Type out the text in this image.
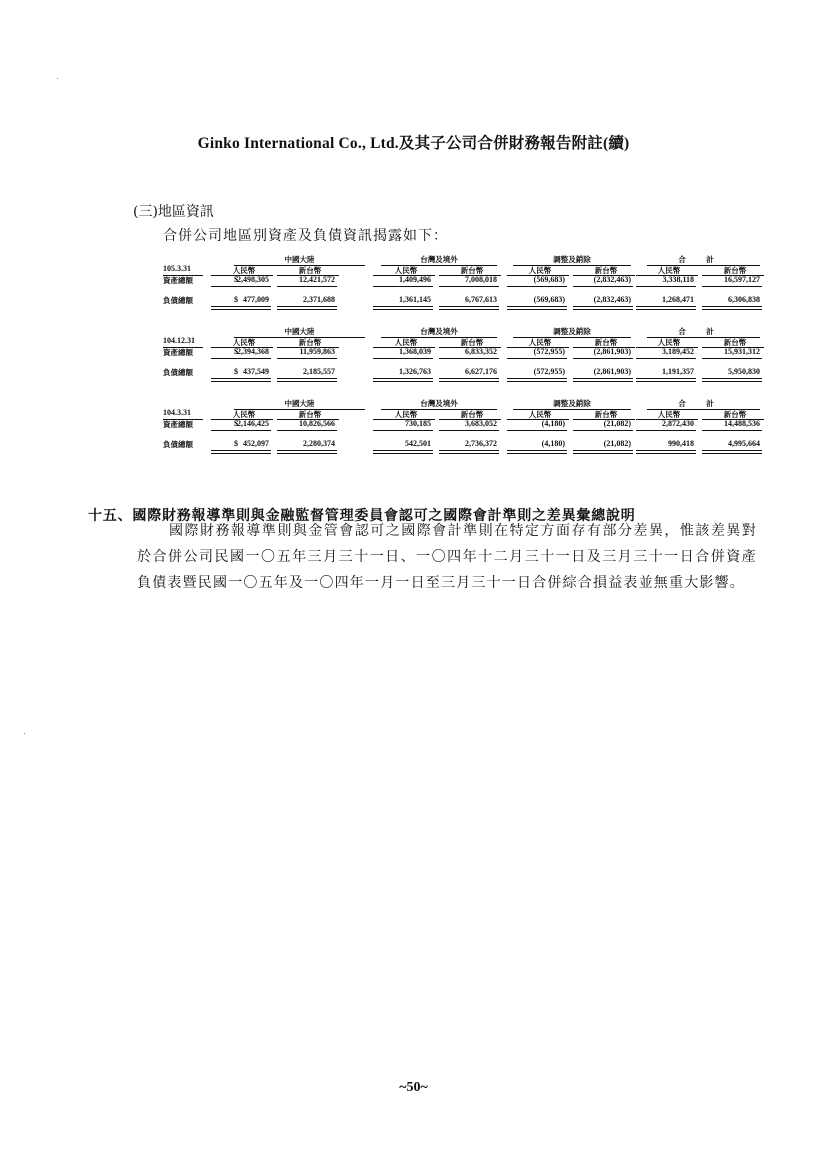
Ginko International Co., Ltd.及其子公司合併財務報告附註(續)
(三)地區資訊
合併公司地區別資產及負債資訊揭露如下：
中國大陸	台灣及境外	調整及銷除	合	計
105.3.31	人民幣	新台幣	人民幣	新台幣	人民幣	新台幣	人民幣	新台幣
資產總額	$ 2,498,305	12,421,572	1,409,496	7,008,018	(569,683)	(2,832,463)	3,338,118	16,597,127
負債總額	$ 477,009	2,371,688	1,361,145	6,767,613	(569,683)	(2,832,463)	1,268,471	6,306,838
中國大陸	台灣及境外	調整及銷除	合	計
104.12.31	人民幣	新台幣	人民幣	新台幣	人民幣	新台幣	人民幣	新台幣
資產總額	$ 2,394,368	11,959,863	1,368,039	6,833,352	(572,955)	(2,861,903)	3,189,452	15,931,312
負債總額	$ 437,549	2,185,557	1,326,763	6,627,176	(572,955)	(2,861,903)	1,191,357	5,950,830
中國大陸	台灣及境外	調整及銷除	合	計
104.3.31	人民幣	新台幣	人民幣	新台幣	人民幣	新台幣	人民幣	新台幣
資產總額	$ 2,146,425	10,826,566	730,185	3,683,052	(4,180)	(21,082)	2,872,430	14,488,536
負債總額	$ 452,097	2,280,374	542,501	2,736,372	(4,180)	(21,082)	990,418	4,995,664
十五、國際財務報導準則與金融監督管理委員會認可之國際會計準則之差異彙總說明
國際財務報導準則與金管會認可之國際會計準則在特定方面存有部分差異，惟該差異對於合併公司民國一〇五年三月三十一日、一〇四年十二月三十一日及三月三十一日合併資產負債表暨民國一〇五年及一〇四年一月一日至三月三十一日合併綜合損益表並無重大影響。
~50~
